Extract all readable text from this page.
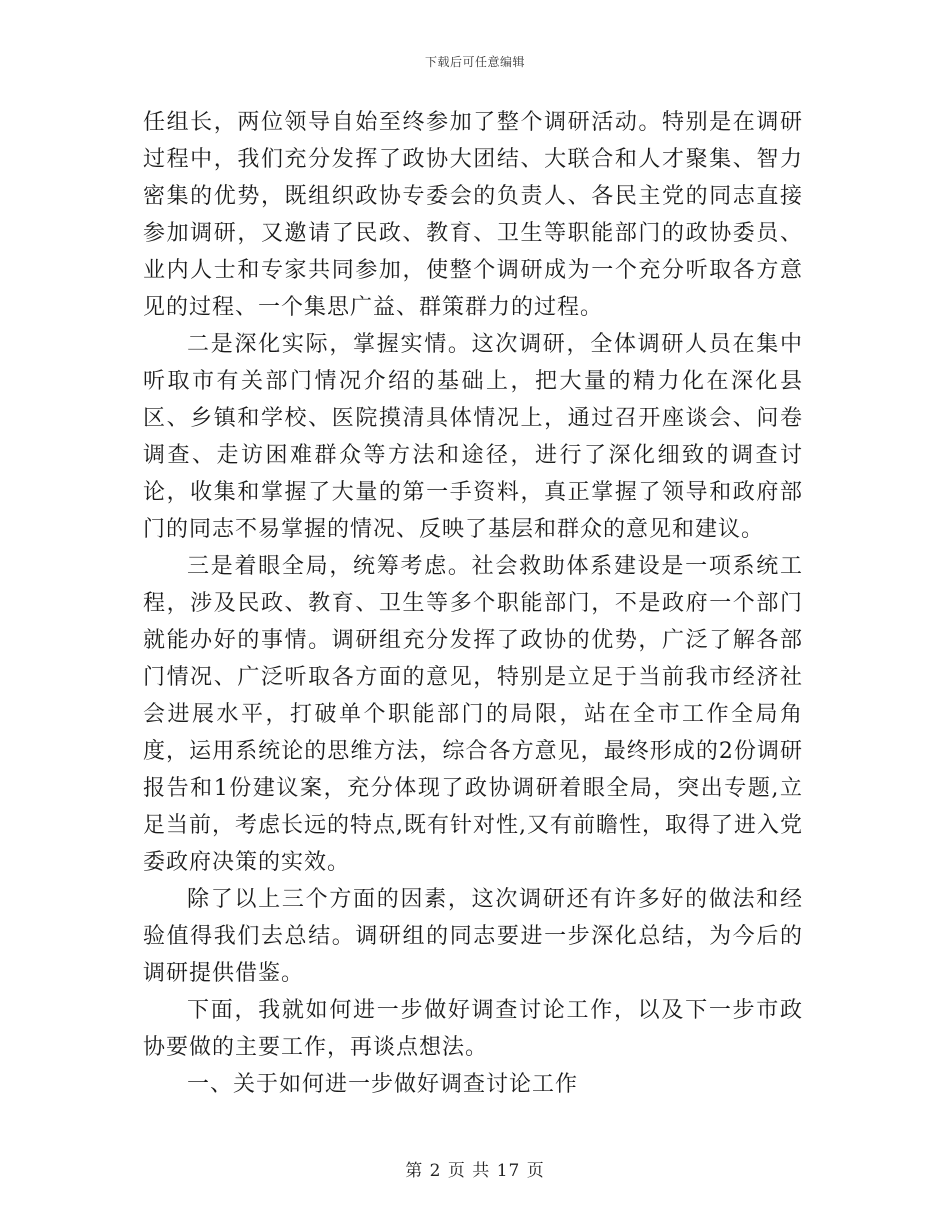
下载后可任意编辑

任组长，两位领导自始至终参加了整个调研活动。特别是在调研过程中，我们充分发挥了政协大团结、大联合和人才聚集、智力密集的优势，既组织政协专委会的负责人、各民主党的同志直接参加调研，又邀请了民政、教育、卫生等职能部门的政协委员、业内人士和专家共同参加，使整个调研成为一个充分听取各方意见的过程、一个集思广益、群策群力的过程。

二是深化实际，掌握实情。这次调研，全体调研人员在集中听取市有关部门情况介绍的基础上，把大量的精力化在深化县区、乡镇和学校、医院摸清具体情况上，通过召开座谈会、问卷调查、走访困难群众等方法和途径，进行了深化细致的调查讨论，收集和掌握了大量的第一手资料，真正掌握了领导和政府部门的同志不易掌握的情况、反映了基层和群众的意见和建议。

三是着眼全局，统筹考虑。社会救助体系建设是一项系统工程，涉及民政、教育、卫生等多个职能部门，不是政府一个部门就能办好的事情。调研组充分发挥了政协的优势，广泛了解各部门情况、广泛听取各方面的意见，特别是立足于当前我市经济社会进展水平，打破单个职能部门的局限，站在全市工作全局角度，运用系统论的思维方法，综合各方意见，最终形成的2份调研报告和1份建议案，充分体现了政协调研着眼全局，突出专题,立足当前，考虑长远的特点,既有针对性,又有前瞻性，取得了进入党委政府决策的实效。

除了以上三个方面的因素，这次调研还有许多好的做法和经验值得我们去总结。调研组的同志要进一步深化总结，为今后的调研提供借鉴。

下面，我就如何进一步做好调查讨论工作，以及下一步市政协要做的主要工作，再谈点想法。

一、关于如何进一步做好调查讨论工作

第 2 页 共 17 页
